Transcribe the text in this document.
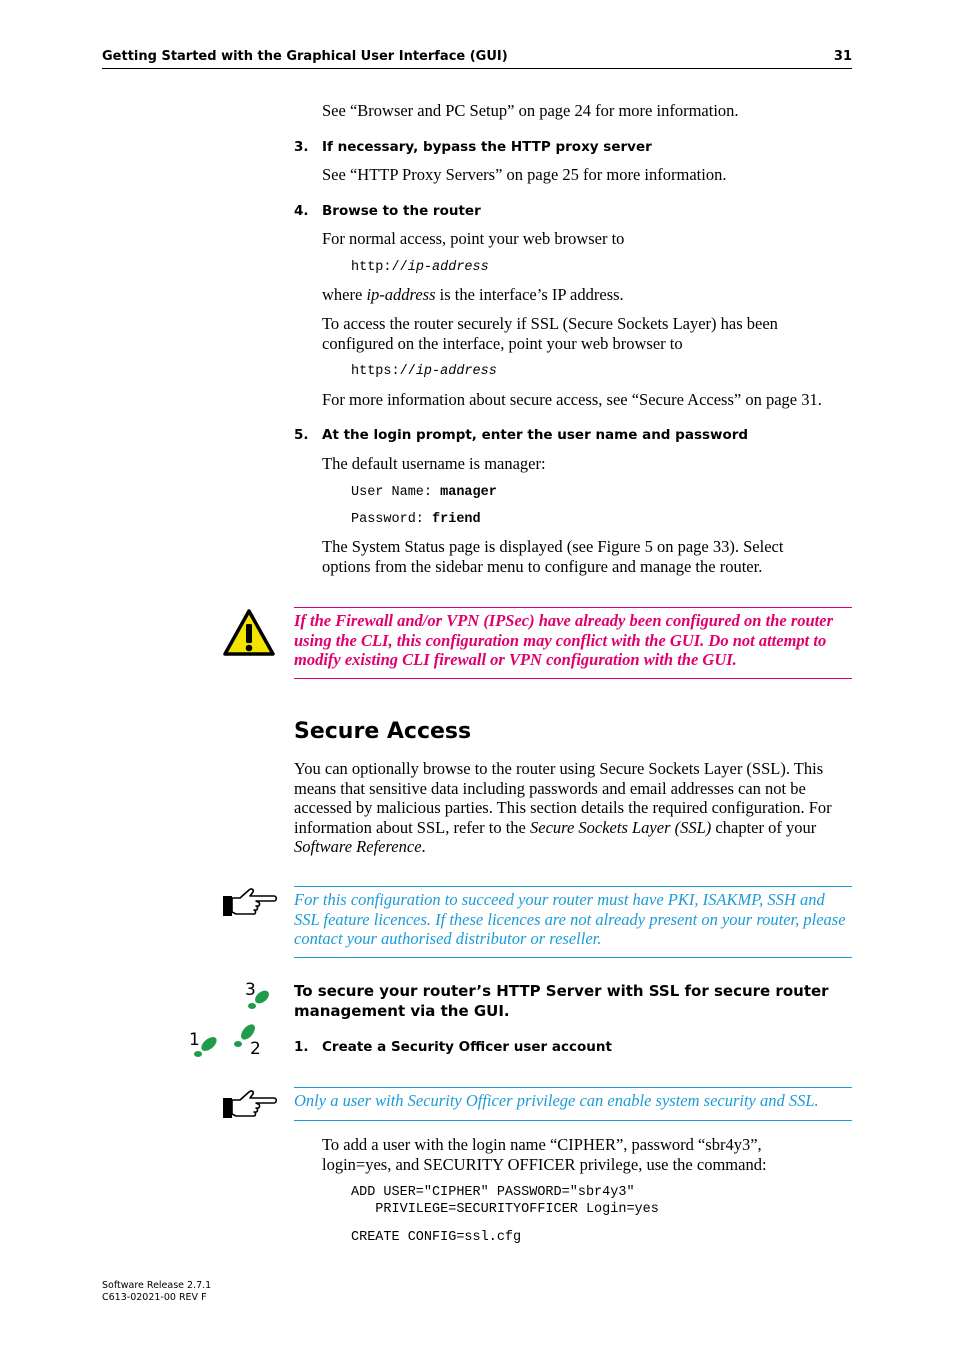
Getting Started with the Graphical User Interface (GUI)	31
See “Browser and PC Setup” on page 24 for more information.
3. If necessary, bypass the HTTP proxy server
See “HTTP Proxy Servers” on page 25 for more information.
4. Browse to the router
For normal access, point your web browser to
http://ip-address
where ip-address is the interface’s IP address.
To access the router securely if SSL (Secure Sockets Layer) has been configured on the interface, point your web browser to
https://ip-address
For more information about secure access, see “Secure Access” on page 31.
5. At the login prompt, enter the user name and password
The default username is manager:
User Name: manager
Password: friend
The System Status page is displayed (see Figure 5 on page 33). Select options from the sidebar menu to configure and manage the router.
If the Firewall and/or VPN (IPSec) have already been configured on the router using the CLI, this configuration may conflict with the GUI. Do not attempt to modify existing CLI firewall or VPN configuration with the GUI.
Secure Access
You can optionally browse to the router using Secure Sockets Layer (SSL). This means that sensitive data including passwords and email addresses can not be accessed by malicious parties. This section details the required configuration. For information about SSL, refer to the Secure Sockets Layer (SSL) chapter of your Software Reference.
For this configuration to succeed your router must have PKI, ISAKMP, SSH and SSL feature licences. If these licences are not already present on your router, please contact your authorised distributor or reseller.
3
1	2
To secure your router’s HTTP Server with SSL for secure router management via the GUI.
1. Create a Security Officer user account
Only a user with Security Officer privilege can enable system security and SSL.
To add a user with the login name “CIPHER”, password “sbr4y3”, login=yes, and SECURITY OFFICER privilege, use the command:
ADD USER="CIPHER" PASSWORD="sbr4y3"
PRIVILEGE=SECURITYOFFICER Login=yes
CREATE CONFIG=ssl.cfg
Software Release 2.7.1
C613-02021-00 REV F
